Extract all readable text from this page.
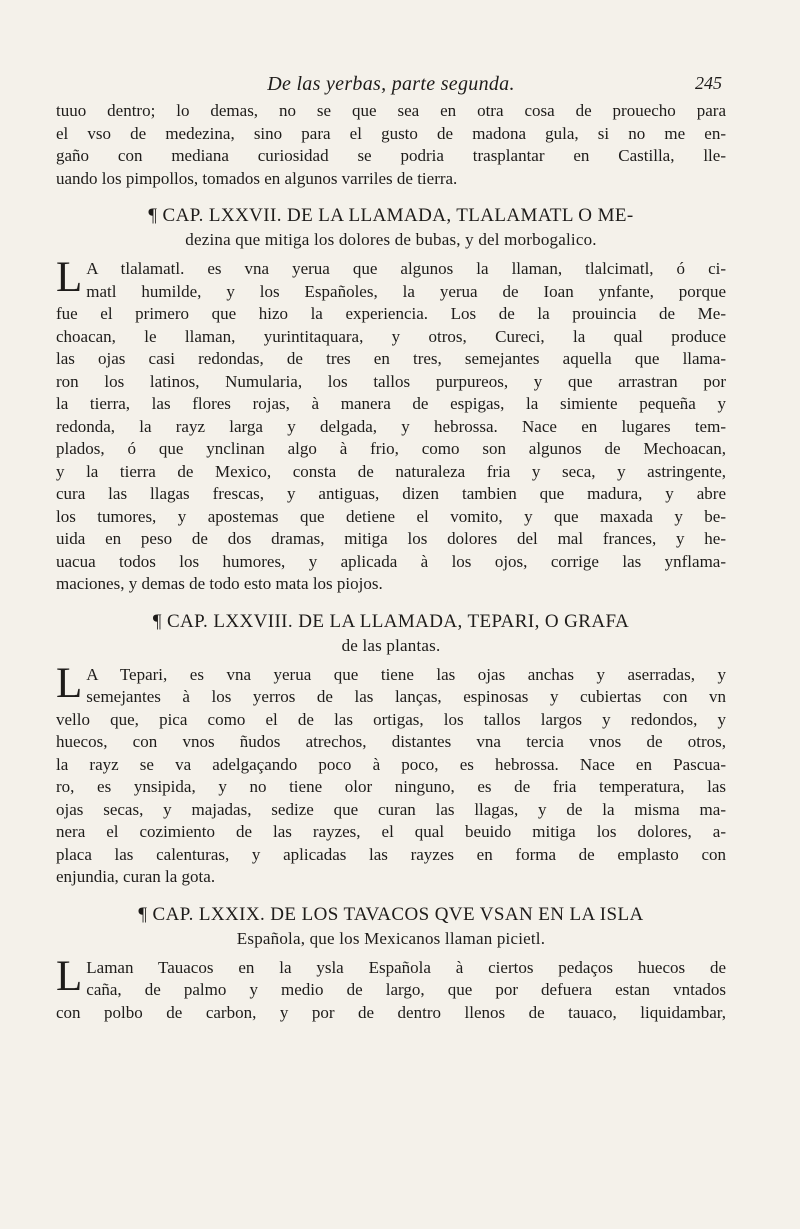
De las yerbas, parte segunda.	245
tuuo dentro; lo demas, no se que sea en otra cosa de prouecho para
el vso de medezina, sino para el gusto de madona gula, si no me en-
gaño con mediana curiosidad se podria trasplantar en Castilla, lle-
uando los pimpollos, tomados en algunos varriles de tierra.
¶ CAP. LXXVII. DE LA LLAMADA, TLALAMATL O ME-
dezina que mitiga los dolores de bubas, y del morbogalico.
L A tlalamatl. es vna yerua que algunos la llaman, tlalcimatl, ó ci-
matl humilde, y los Españoles, la yerua de Ioan ynfante, porque
fue el primero que hizo la experiencia. Los de la prouincia de Me-
choacan, le llaman, yurintitaquara, y otros, Cureci, la qual produce
las ojas casi redondas, de tres en tres, semejantes aquella que llama-
ron los latinos, Numularia, los tallos purpureos, y que arrastran por
la tierra, las flores rojas, à manera de espigas, la simiente pequeña y
redonda, la rayz larga y delgada, y hebrossa. Nace en lugares tem-
plados, ó que ynclinan algo à frio, como son algunos de Mechoacan,
y la tierra de Mexico, consta de naturaleza fria y seca, y astringente,
cura las llagas frescas, y antiguas, dizen tambien que madura, y abre
los tumores, y apostemas que detiene el vomito, y que maxada y be-
uida en peso de dos dramas, mitiga los dolores del mal frances, y he-
uacua todos los humores, y aplicada à los ojos, corrige las ynflama-
maciones, y demas de todo esto mata los piojos.
¶ CAP. LXXVIII. DE LA LLAMADA, TEPARI, O GRAFA
de las plantas.
L A Tepari, es vna yerua que tiene las ojas anchas y aserradas, y
semejantes à los yerros de las lanças, espinosas y cubiertas con vn
vello que, pica como el de las ortigas, los tallos largos y redondos, y
huecos, con vnos ñudos atrechos, distantes vna tercia vnos de otros,
la rayz se va adelgaçando poco à poco, es hebrossa. Nace en Pascua-
ro, es ynsipida, y no tiene olor ninguno, es de fria temperatura, las
ojas secas, y majadas, sedize que curan las llagas, y de la misma ma-
nera el cozimiento de las rayzes, el qual beuido mitiga los dolores, a-
placa las calenturas, y aplicadas las rayzes en forma de emplasto con
enjundia, curan la gota.
¶ CAP. LXXIX. DE LOS TAVACOS QVE VSAN EN LA ISLA
Española, que los Mexicanos llaman picietl.
L Laman Tauacos en la ysla Española à ciertos pedaços huecos de
caña, de palmo y medio de largo, que por defuera estan vntados
con polbo de carbon, y por de dentro llenos de tauaco, liquidambar,
